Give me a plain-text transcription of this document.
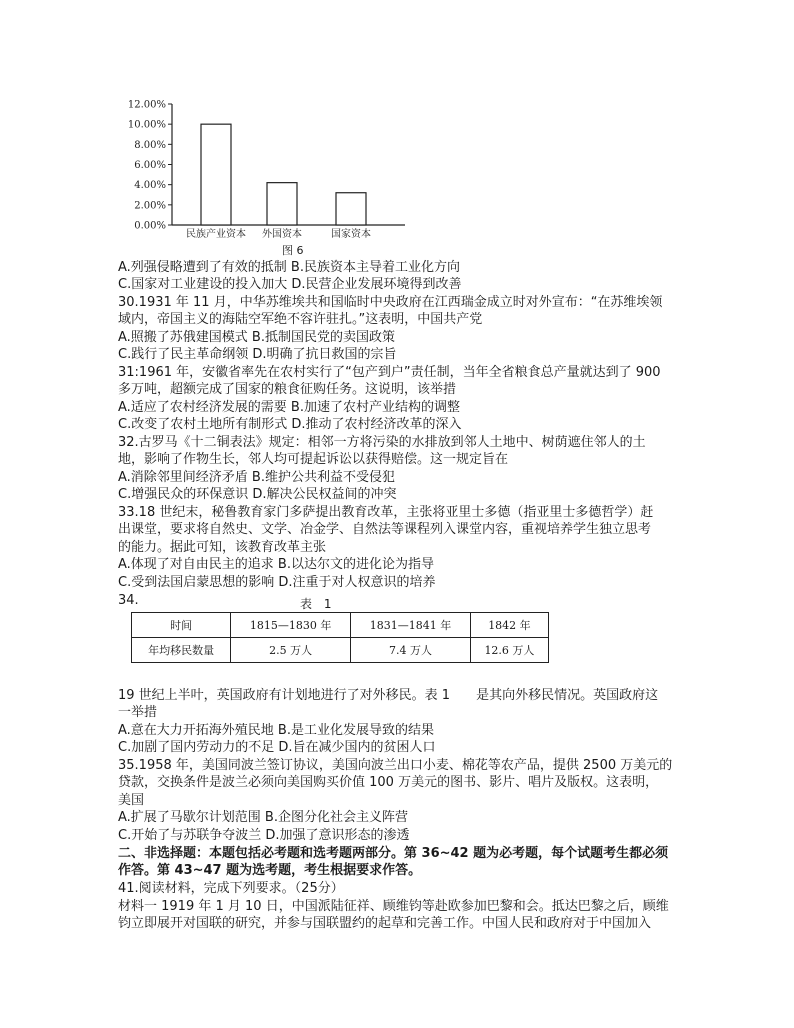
0.00%
2.00%
4.00%
6.00%
8.00%
10.00%
12.00%
民族产业资本 外国资本	国家资本
图 6
A.列强侵略遭到了有效的抵制 B.民族资本主导着工业化方向
C.国家对工业建设的投入加大 D.民营企业发展环境得到改善
30.1931 年 11 月，中华苏维埃共和国临时中央政府在江西瑞金成立时对外宣布：“在苏维埃领
域内，帝国主义的海陆空军绝不容许驻扎。”这表明，中国共产党
A.照搬了苏俄建国模式 B.抵制国民党的卖国政策
C.践行了民主革命纲领 D.明确了抗日救国的宗旨
31:1961 年，安徽省率先在农村实行了“包产到户”责任制，当年全省粮食总产量就达到了 900
多万吨，超额完成了国家的粮食征购任务。这说明，该举措
A.适应了农村经济发展的需要 B.加速了农村产业结构的调整
C.改变了农村土地所有制形式 D.推动了农村经济改革的深入
32.古罗马《十二铜表法》规定：相邻一方将污染的水排放到邻人土地中、树荫遮住邻人的土
地，影响了作物生长，邻人均可提起诉讼以获得赔偿。这一规定旨在
A.消除邻里间经济矛盾 B.维护公共利益不受侵犯
C.增强民众的环保意识 D.解决公民权益间的冲突
33.18 世纪末，秘鲁教育家门多萨提出教育改革，主张将亚里士多德（指亚里士多德哲学）赶
出课堂，要求将自然史、文学、冶金学、自然法等课程列入课堂内容，重视培养学生独立思考
的能力。据此可知，该教育改革主张
A.体现了对自由民主的追求 B.以达尔文的进化论为指导
C.受到法国启蒙思想的影响 D.注重于对人权意识的培养
34.
19 世纪上半叶，英国政府有计划地进行了对外移民。表 1　　是其向外移民情况。英国政府这
一举措
A.意在大力开拓海外殖民地 B.是工业化发展导致的结果
C.加剧了国内劳动力的不足 D.旨在减少国内的贫困人口
35.1958 年，美国同波兰签订协议，美国向波兰出口小麦、棉花等农产品，提供 2500 万美元的
贷款，交换条件是波兰必须向美国购买价值 100 万美元的图书、影片、唱片及版权。这表明，
美国
A.扩展了马歇尔计划范围 B.企图分化社会主义阵营
C.开始了与苏联争夺波兰 D.加强了意识形态的渗透
二、非选择题：本题包括必考题和选考题两部分。第 36~42 题为必考题，每个试题考生都必须
作答。第 43~47 题为选考题，考生根据要求作答。
41.阅读材料，完成下列要求。（25分）
材料一 1919 年 1 月 10 日，中国派陆征祥、顾维钧等赴欧参加巴黎和会。抵达巴黎之后，顾维
钧立即展开对国联的研究，并参与国联盟约的起草和完善工作。中国人民和政府对于中国加入
表 1
时间	1815—1830 年	1831—1841 年	1842 年
年均移民数量	2.5 万人	7.4 万人	12.6 万人
